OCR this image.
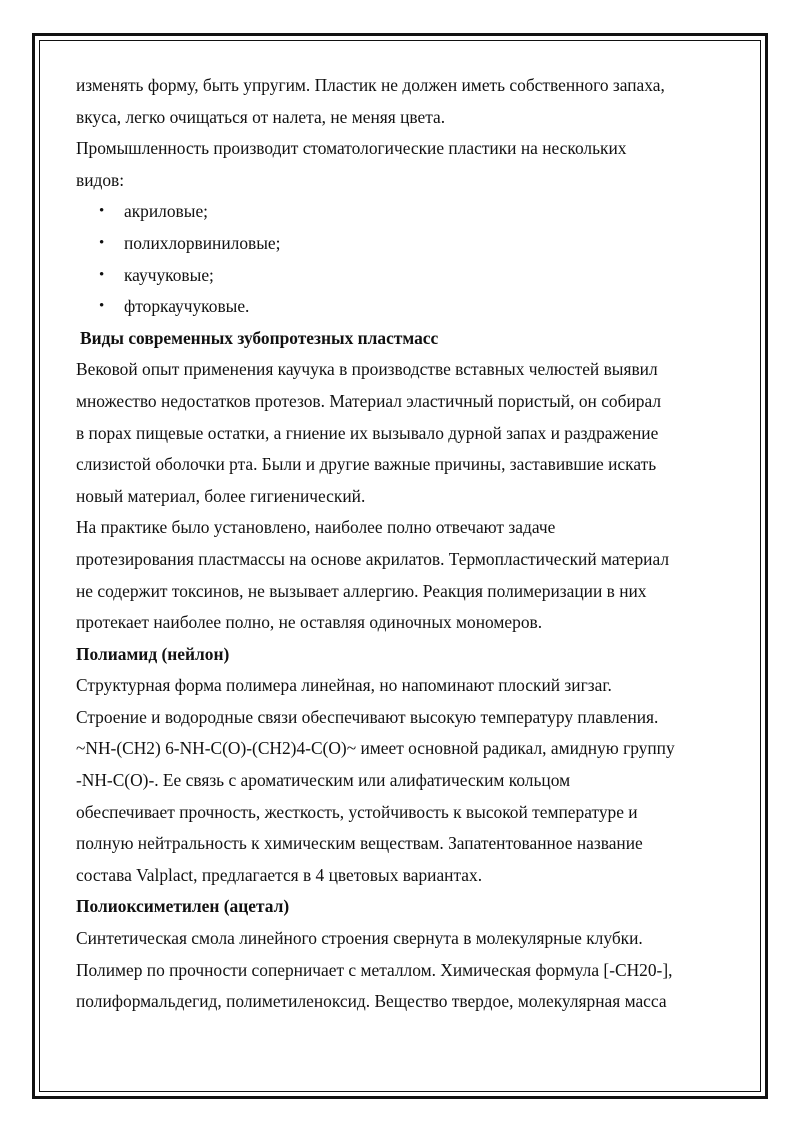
изменять форму, быть упругим. Пластик не должен иметь собственного запаха,

вкуса, легко очищаться от налета, не меняя цвета.

Промышленность производит стоматологические пластики на нескольких

видов:

• акриловые;
• полихлорвиниловые;
• каучуковые;
• фторкаучуковые.
Виды современных зубопротезных пластмасс

Вековой опыт применения каучука в производстве вставных челюстей выявил

множество недостатков протезов. Материал эластичный пористый, он собирал

в порах пищевые остатки, а гниение их вызывало дурной запах и раздражение

слизистой оболочки рта. Были и другие важные причины, заставившие искать

новый материал, более гигиенический.

На практике было установлено, наиболее полно отвечают задаче

протезирования пластмассы на основе акрилатов. Термопластический материал

не содержит токсинов, не вызывает аллергию. Реакция полимеризации в них

протекает наиболее полно, не оставляя одиночных мономеров.

Полиамид (нейлон)

Структурная форма полимера линейная, но напоминают плоский зигзаг.

Строение и водородные связи обеспечивают высокую температуру плавления.

~NH-(CH2) 6-NH-C(O)-(CH2)4-C(O)~ имеет основной радикал, амидную группу

-NH-C(O)-. Ее связь с ароматическим или алифатическим кольцом

обеспечивает прочность, жесткость, устойчивость к высокой температуре и

полную нейтральность к химическим веществам. Запатентованное название

состава Valplact, предлагается в 4 цветовых вариантах.

Полиоксиметилен (ацетал)

Синтетическая смола линейного строения свернута в молекулярные клубки.

Полимер по прочности соперничает с металлом. Химическая формула [-CH20-],

полиформальдегид, полиметиленоксид. Вещество твердое, молекулярная масса
